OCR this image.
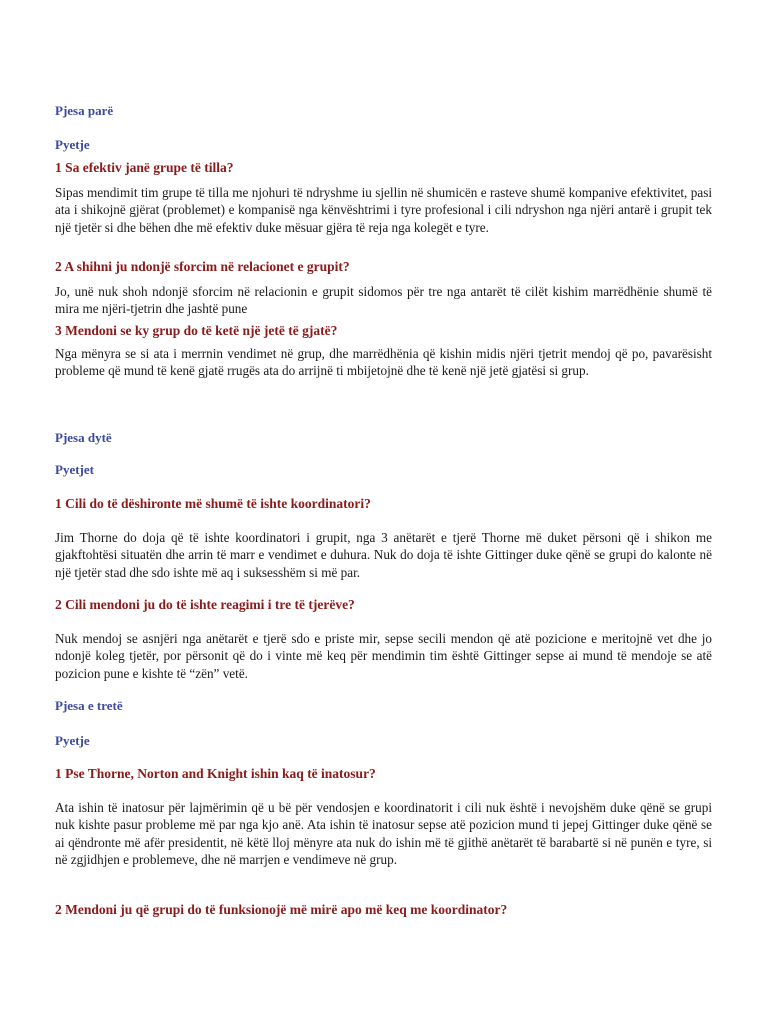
Pjesa parë
Pyetje
1 Sa efektiv janë grupe të tilla?

Sipas mendimit tim grupe të tilla me njohuri të ndryshme iu sjellin në shumicën e rasteve shumë kompanive efektivitet, pasi ata i shikojnë gjërat (problemet) e kompanisë nga kënvështrimi i tyre profesional i cili ndryshon nga njëri antarë i grupit tek një tjetër si dhe bëhen dhe më efektiv duke mësuar gjëra të reja nga kolegët e tyre.

2 A shihni ju ndonjë sforcim në relacionet e grupit?

Jo, unë nuk shoh ndonjë sforcim në relacionin e grupit sidomos për tre nga antarët të cilët kishim marrëdhënie shumë të mira me njëri-tjetrin dhe jashtë pune

3 Mendoni se ky grup do të ketë një jetë të gjatë?

Nga mënyra se si ata i merrnin vendimet në grup, dhe marrëdhënia që kishin midis njëri tjetrit mendoj që po, pavarësisht probleme që mund të kenë gjatë rrugës ata do arrijnë ti mbijetojnë dhe të kenë një jetë gjatësi si grup.

Pjesa dytë
Pyetjet
1 Cili do të dëshironte më shumë të ishte koordinatori?

Jim Thorne do doja që të ishte koordinatori i grupit, nga 3 anëtarët e tjerë Thorne më duket përsoni që i shikon me gjakftohtësi situatën dhe arrin të marr e vendimet e duhura. Nuk do doja të ishte Gittinger duke qënë se grupi do kalonte në një tjetër stad dhe sdo ishte më aq i suksesshëm si më par.

2 Cili mendoni ju do të ishte reagimi i tre të tjerëve?

Nuk mendoj se asnjëri nga anëtarët e tjerë sdo e priste mir, sepse secili mendon që atë pozicione e meritojnë vet dhe jo ndonjë koleg tjetër, por përsonit që do i vinte më keq për mendimin tim është Gittinger sepse ai mund të mendoje se atë pozicion pune e kishte të “zën” vetë.

Pjesa e tretë
Pyetje
1 Pse Thorne, Norton and Knight ishin kaq të inatosur?

Ata ishin të inatosur për lajmërimin që u bë për vendosjen e koordinatorit i cili nuk është i nevojshëm duke qënë se grupi nuk kishte pasur probleme më par nga kjo anë. Ata ishin të inatosur sepse atë pozicion mund ti jepej Gittinger duke qënë se ai qëndronte më afër presidentit, në këtë lloj mënyre ata nuk do ishin më të gjithë anëtarët të barabartë si në punën e tyre, si në zgjidhjen e problemeve, dhe në marrjen e vendimeve në grup.

2 Mendoni ju që grupi do të funksionojë më mirë apo më keq me koordinator?
